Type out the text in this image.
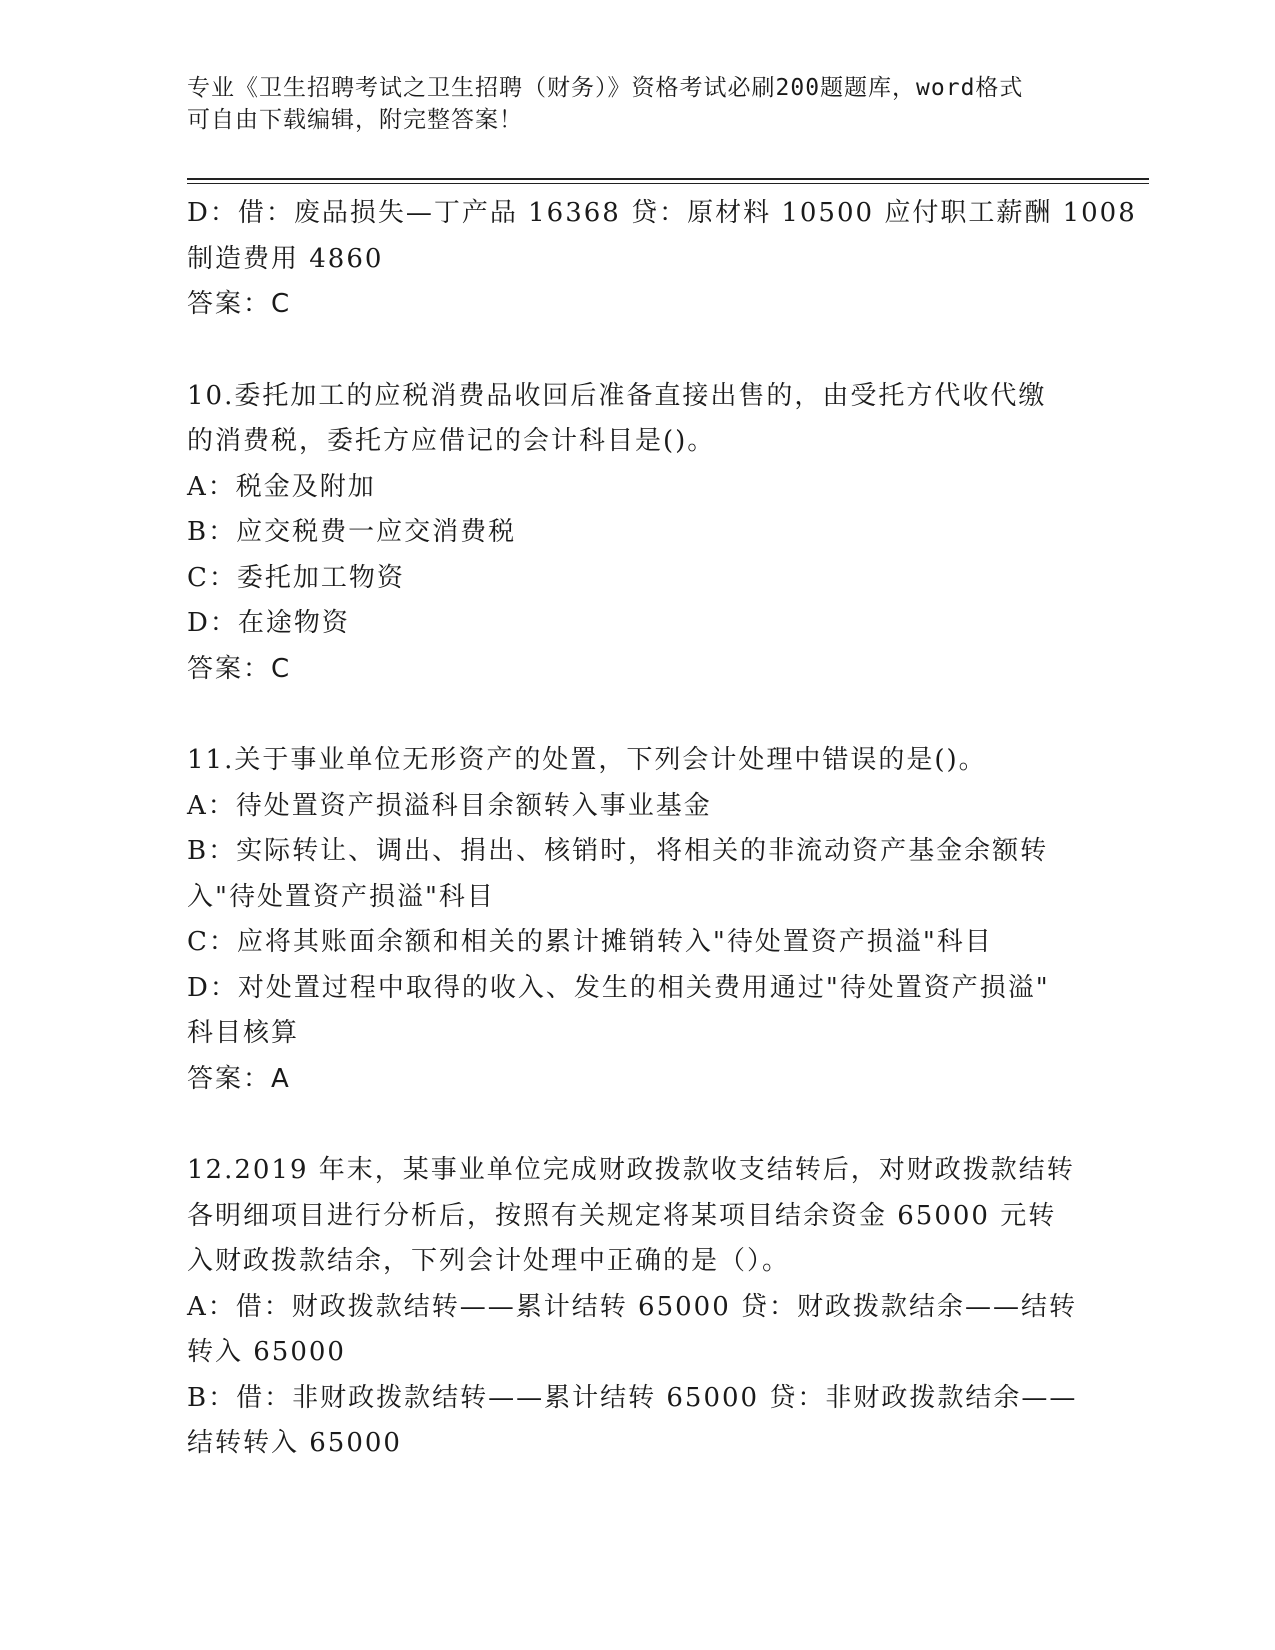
专业《卫生招聘考试之卫生招聘（财务）》资格考试必刷200题题库，word格式
可自由下载编辑，附完整答案！
D：借：废品损失—丁产品 16368 贷：原材料 10500 应付职工薪酬 1008
制造费用 4860
答案：C
10.委托加工的应税消费品收回后准备直接出售的，由受托方代收代缴
的消费税，委托方应借记的会计科目是()。
A：税金及附加
B：应交税费一应交消费税
C：委托加工物资
D：在途物资
答案：C
11.关于事业单位无形资产的处置，下列会计处理中错误的是()。
A：待处置资产损溢科目余额转入事业基金
B：实际转让、调出、捐出、核销时，将相关的非流动资产基金余额转
入"待处置资产损溢"科目
C：应将其账面余额和相关的累计摊销转入"待处置资产损溢"科目
D：对处置过程中取得的收入、发生的相关费用通过"待处置资产损溢"
科目核算
答案：A
12.2019 年末，某事业单位完成财政拨款收支结转后，对财政拨款结转
各明细项目进行分析后，按照有关规定将某项目结余资金 65000 元转
入财政拨款结余，下列会计处理中正确的是（）。
A：借：财政拨款结转——累计结转 65000 贷：财政拨款结余——结转
转入 65000
B：借：非财政拨款结转——累计结转 65000 贷：非财政拨款结余——
结转转入 65000
